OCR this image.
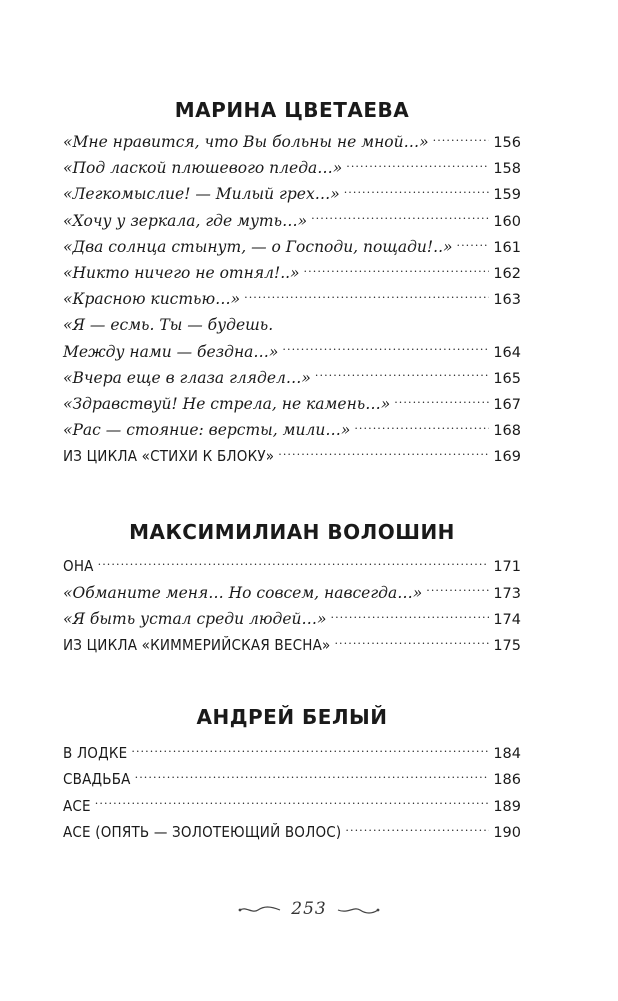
МАРИНА ЦВЕТАЕВА
«Мне нравится, что Вы больны не мной…» . . .	156
«Под лаской плюшевого пледа…» . . .	158
«Легкомыслие! — Милый грех…» . . .	159
«Хочу у зеркала, где муть…» . . .	160
«Два солнца стынут, — о Господи, пощади!..» . . .	161
«Никто ничего не отнял!..» . . .	162
«Красною кистью…» . . .	163
«Я — есмь. Ты — будешь.
Между нами — бездна…» . . .	164
«Вчера еще в глаза глядел…» . . .	165
«Здравствуй! Не стрела, не камень…» . . .	167
«Рас — стояние: версты, мили…» . . .	168
ИЗ ЦИКЛА «СТИХИ К БЛОКУ» . . .	169
МАКСИМИЛИАН ВОЛОШИН
ОНА . . .	171
«Обманите меня… Но совсем, навсегда…» . . .	173
«Я быть устал среди людей…» . . .	174
ИЗ ЦИКЛА «КИММЕРИЙСКАЯ ВЕСНА» . . .	175
АНДРЕЙ БЕЛЫЙ
В ЛОДКЕ . . .	184
СВАДЬБА . . .	186
АСЕ . . .	189
АСЕ (ОПЯТЬ — ЗОЛОТЕЮЩИЙ ВОЛОС) . . .	190
253
